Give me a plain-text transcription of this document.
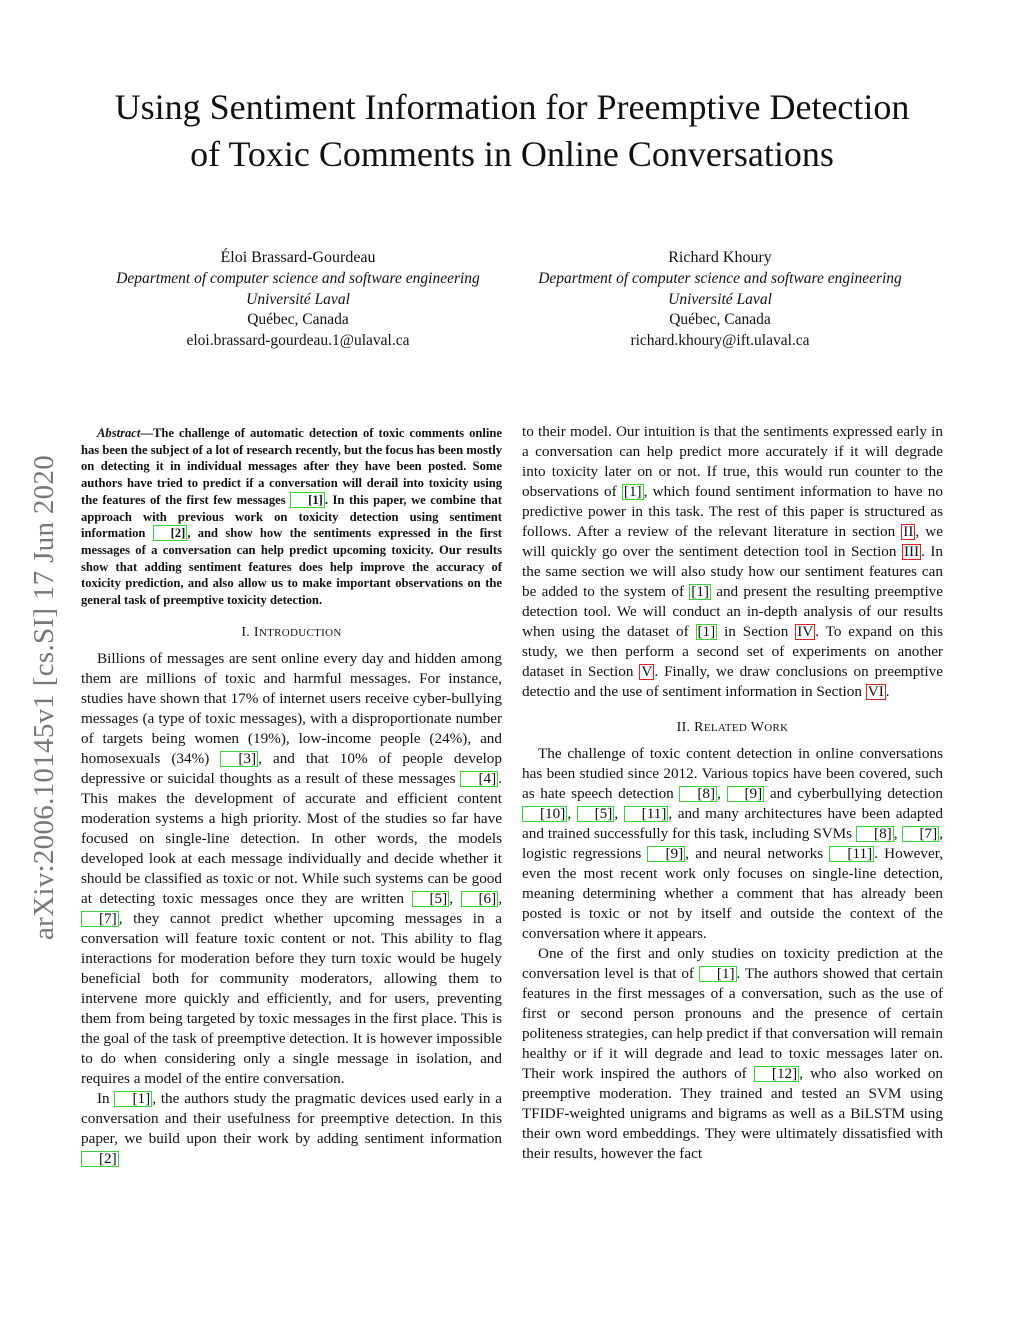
arXiv:2006.10145v1 [cs.SI] 17 Jun 2020
Using Sentiment Information for Preemptive Detection of Toxic Comments in Online Conversations
Éloi Brassard-Gourdeau
Department of computer science and software engineering
Université Laval
Québec, Canada
eloi.brassard-gourdeau.1@ulaval.ca
Richard Khoury
Department of computer science and software engineering
Université Laval
Québec, Canada
richard.khoury@ift.ulaval.ca

Abstract—The challenge of automatic detection of toxic comments online has been the subject of a lot of research recently, but the focus has been mostly on detecting it in individual messages after they have been posted. Some authors have tried to predict if a conversation will derail into toxicity using the features of the first few messages [1] . In this paper, we combine that approach with previous work on toxicity detection using sentiment information [2] , and show how the sentiments expressed in the first messages of a conversation can help predict upcoming toxicity. Our results show that adding sentiment features does help improve the accuracy of toxicity prediction, and also allow us to make important observations on the general task of preemptive toxicity detection.

I. INTRODUCTION

Billions of messages are sent online every day and hidden among them are millions of toxic and harmful messages. For instance, studies have shown that 17% of internet users receive cyber-bullying messages (a type of toxic messages), with a disproportionate number of targets being women (19%), low-income people (24%), and homosexuals (34%) [3] , and that 10% of people develop depressive or suicidal thoughts as a result of these messages [4] . This makes the development of accurate and efficient content moderation systems a high priority. Most of the studies so far have focused on single-line detection. In other words, the models developed look at each message individually and decide whether it should be classified as toxic or not. While such systems can be good at detecting toxic messages once they are written [5] , [6] , [7] , they cannot predict whether upcoming messages in a conversation will feature toxic content or not. This ability to flag interactions for moderation before they turn toxic would be hugely beneficial both for community moderators, allowing them to intervene more quickly and efficiently, and for users, preventing them from being targeted by toxic messages in the first place. This is the goal of the task of preemptive detection. It is however impossible to do when considering only a single message in isolation, and requires a model of the entire conversation.

In [1] , the authors study the pragmatic devices used early in a conversation and their usefulness for preemptive detection. In this paper, we build upon their work by adding sentiment information [2]

to their model. Our intuition is that the sentiments expressed early in a conversation can help predict more accurately if it will degrade into toxicity later on or not. If true, this would run counter to the observations of [1] , which found sentiment information to have no predictive power in this task. The rest of this paper is structured as follows. After a review of the relevant literature in section II , we will quickly go over the sentiment detection tool in Section III . In the same section we will also study how our sentiment features can be added to the system of [1] and present the resulting preemptive detection tool. We will conduct an in-depth analysis of our results when using the dataset of [1] in Section IV . To expand on this study, we then perform a second set of experiments on another dataset in Section V . Finally, we draw conclusions on preemptive detectio and the use of sentiment information in Section VI .

II. RELATED WORK

The challenge of toxic content detection in online conversations has been studied since 2012. Various topics have been covered, such as hate speech detection [8] , [9] and cyberbullying detection [10] , [5] , [11] , and many architectures have been adapted and trained successfully for this task, including SVMs [8] , [7] , logistic regressions [9] , and neural networks [11] . However, even the most recent work only focuses on single-line detection, meaning determining whether a comment that has already been posted is toxic or not by itself and outside the context of the conversation where it appears.

One of the first and only studies on toxicity prediction at the conversation level is that of [1] . The authors showed that certain features in the first messages of a conversation, such as the use of first or second person pronouns and the presence of certain politeness strategies, can help predict if that conversation will remain healthy or if it will degrade and lead to toxic messages later on. Their work inspired the authors of [12] , who also worked on preemptive moderation. They trained and tested an SVM using TFIDF-weighted unigrams and bigrams as well as a BiLSTM using their own word embeddings. They were ultimately dissatisfied with their results, however the fact
